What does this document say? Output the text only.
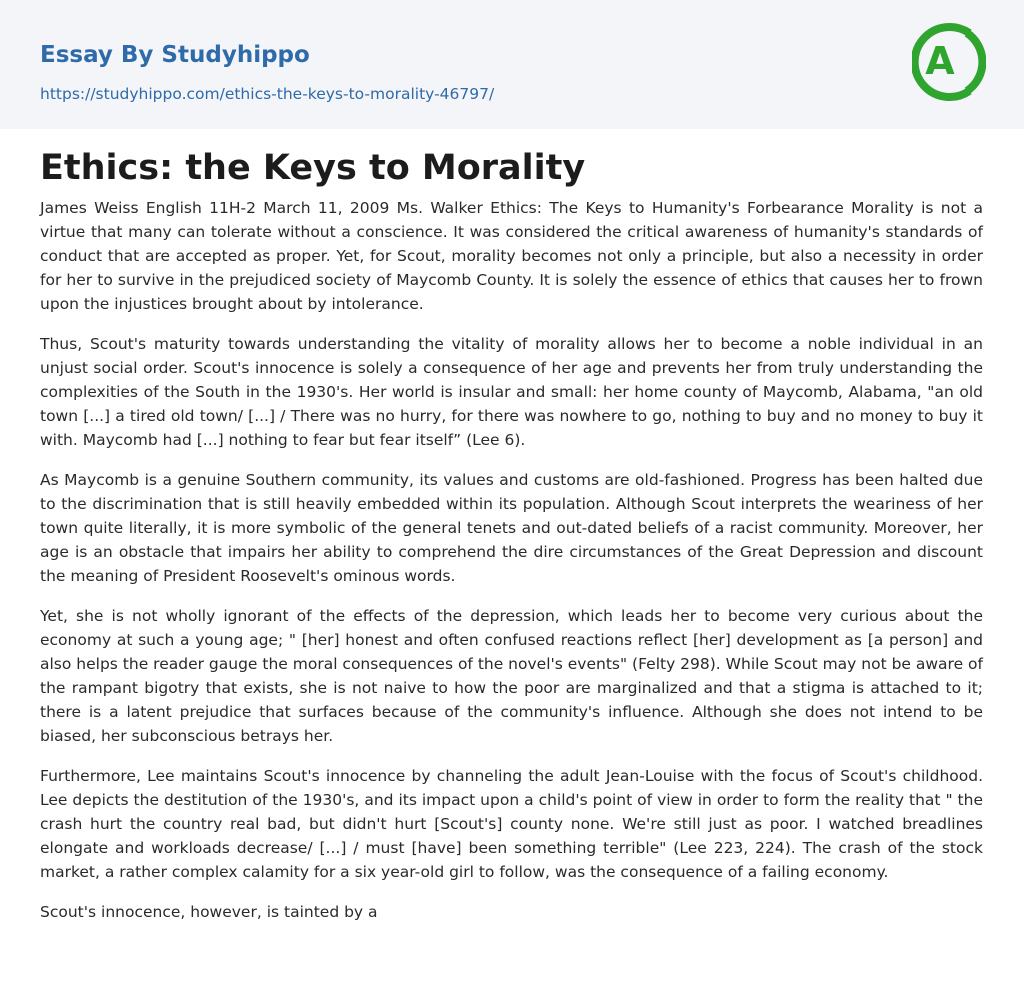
Essay By Studyhippo
https://studyhippo.com/ethics-the-keys-to-morality-46797/
A
Ethics: the Keys to Morality

James Weiss English 11H-2 March 11, 2009 Ms. Walker Ethics: The Keys to Humanity's Forbearance Morality is not a virtue that many can tolerate without a conscience. It was considered the critical awareness of humanity's standards of conduct that are accepted as proper. Yet, for Scout, morality becomes not only a principle, but also a necessity in order for her to survive in the prejudiced society of Maycomb County. It is solely the essence of ethics that causes her to frown upon the injustices brought about by intolerance.

Thus, Scout's maturity towards understanding the vitality of morality allows her to become a noble individual in an unjust social order. Scout's innocence is solely a consequence of her age and prevents her from truly understanding the complexities of the South in the 1930's. Her world is insular and small: her home county of Maycomb, Alabama, "an old town [...] a tired old town/ [...] / There was no hurry, for there was nowhere to go, nothing to buy and no money to buy it with. Maycomb had [...] nothing to fear but fear itself” (Lee 6).

As Maycomb is a genuine Southern community, its values and customs are old-fashioned. Progress has been halted due to the discrimination that is still heavily embedded within its population. Although Scout interprets the weariness of her town quite literally, it is more symbolic of the general tenets and out-dated beliefs of a racist community. Moreover, her age is an obstacle that impairs her ability to comprehend the dire circumstances of the Great Depression and discount the meaning of President Roosevelt's ominous words.

Yet, she is not wholly ignorant of the effects of the depression, which leads her to become very curious about the economy at such a young age; " [her] honest and often confused reactions reflect [her] development as [a person] and also helps the reader gauge the moral consequences of the novel's events" (Felty 298). While Scout may not be aware of the rampant bigotry that exists, she is not naive to how the poor are marginalized and that a stigma is attached to it; there is a latent prejudice that surfaces because of the community's influence. Although she does not intend to be biased, her subconscious betrays her.

Furthermore, Lee maintains Scout's innocence by channeling the adult Jean-Louise with the focus of Scout's childhood. Lee depicts the destitution of the 1930's, and its impact upon a child's point of view in order to form the reality that " the crash hurt the country real bad, but didn't hurt [Scout's] county none. We're still just as poor. I watched breadlines elongate and workloads decrease/ [...] / must [have] been something terrible" (Lee 223, 224). The crash of the stock market, a rather complex calamity for a six year-old girl to follow, was the consequence of a failing economy.

Scout's innocence, however, is tainted by a
